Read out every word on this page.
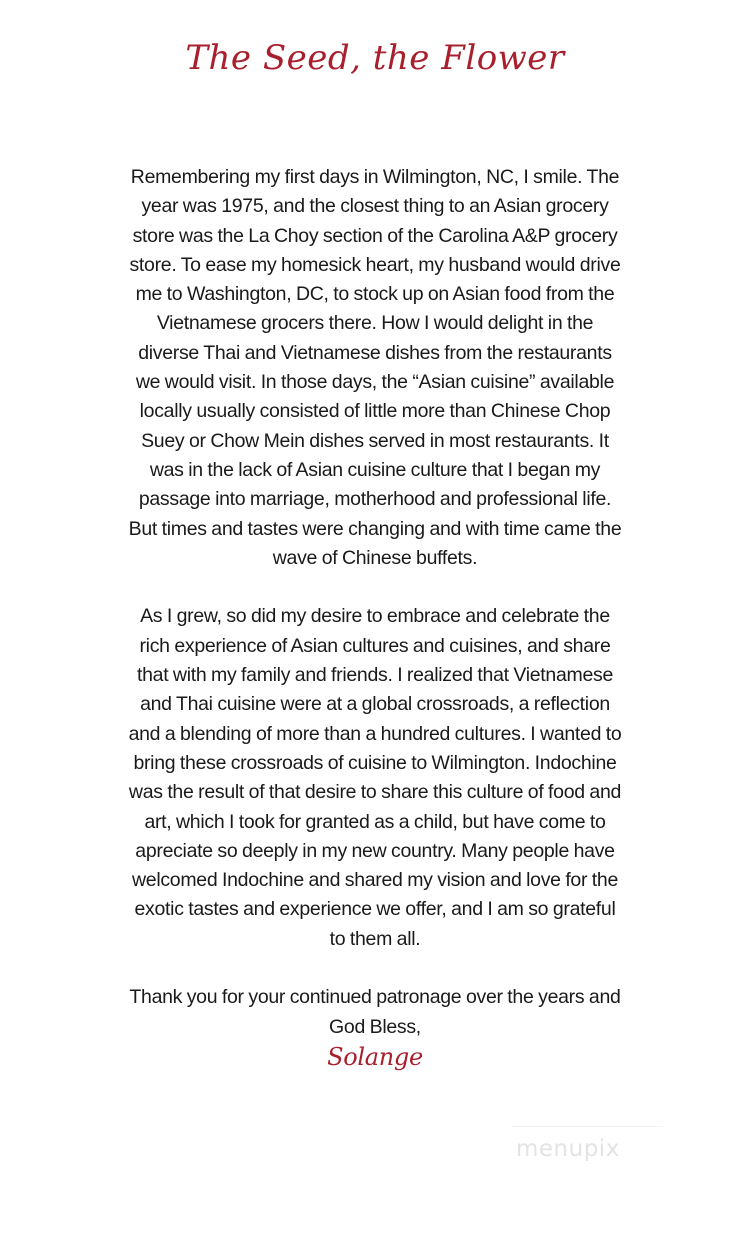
The Seed, the Flower

Remembering my first days in Wilmington, NC, I smile. The year was 1975, and the closest thing to an Asian grocery store was the La Choy section of the Carolina A&P grocery store. To ease my homesick heart, my husband would drive me to Washington, DC, to stock up on Asian food from the Vietnamese grocers there. How I would delight in the diverse Thai and Vietnamese dishes from the restaurants we would visit. In those days, the “Asian cuisine” available locally usually consisted of little more than Chinese Chop Suey or Chow Mein dishes served in most restaurants. It was in the lack of Asian cuisine culture that I began my passage into marriage, motherhood and professional life. But times and tastes were changing and with time came the wave of Chinese buffets.

As I grew, so did my desire to embrace and celebrate the rich experience of Asian cultures and cuisines, and share that with my family and friends. I realized that Vietnamese and Thai cuisine were at a global crossroads, a reflection and a blending of more than a hundred cultures. I wanted to bring these crossroads of cuisine to Wilmington. Indochine was the result of that desire to share this culture of food and art, which I took for granted as a child, but have come to apreciate so deeply in my new country. Many people have welcomed Indochine and shared my vision and love for the exotic tastes and experience we offer, and I am so grateful to them all.

Thank you for your continued patronage over the years and God Bless,

Solange
menupix
